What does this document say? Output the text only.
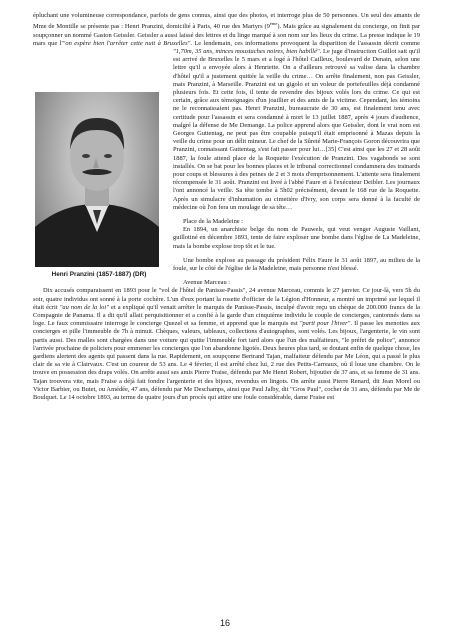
épluchant une volumineuse correspondance, parfois de gens connus, ainsi que des photos, et interroge plus de 50 personnes. Un seul des amants de Mme de Montille se présente pas : Henri Pranzini, domicilié à Paris, 40 rue des Martyrs (9ème). Mais grâce au signalement du concierge, on finit par soupçonner un nommé Gaston Geissler. Geissler a aussi laissé des lettres et du linge marqué à son nom sur les lieux du crime. La presse indique le 19 mars que l'"on espère bien l'arrêter cette nuit à Bruxelles". Le lendemain, ces informations provoquent la disparition de l'assassin décrit comme
Henri Pranzini (1857-1887) (DR)
"1,70m, 35 ans, minces moustaches noires, bien habillé". Le juge d'instruction Guillot sait qu'il est arrivé de Bruxelles le 5 mars et a logé à l'hôtel Cailleux, boulevard de Denain, selon une lettre qu'il a envoyée alors à Henriette. On a d'ailleurs retrouvé sa valise dans la chambre d'hôtel qu'il a justement quittée la veille du crime… On arrête finalement, non pas Geissler, mais Pranzini, à Marseille. Pranzini est un gigolo et un voleur de portefeuilles déjà condamné plusieurs fois. Et cette fois, il tente de revendre des bijoux volés lors du crime. Ce qui est certain, grâce aux témoignages d'un joaillier et des amis de la victime. Cependant, les témoins ne le reconnaissaient pas. Henri Pranzini, bureaucrate de 30 ans, est finalement tenu avec certitude pour l'assassin et sera condamné à mort le 13 juillet 1887, après 4 jours d'audience, malgré la défense de Me Demange. La police apprend alors que Geissler, dont le vrai nom est Georges Guttentag, ne peut pas être coupable puisqu'il était emprisonné à Mazas depuis la veille du crime pour un délit mineur. Le chef de la Sûreté Marie-François Goron découvrira que Pranzini, connaissant Guttentag, s'est fait passer pour lui…[35] C'est ainsi que les 27 et 28 août 1887, la foule attend place de la Roquette l'exécution de Pranzini. Des vagabonds se sont installés. On se bat pour les bonnes places et le tribunal correctionnel condamnera des trainards pour coups et blessures à des peines de 2 et 3 mois d'emprisonnement. L'attente sera finalement récompensée le 31 août. Pranzini est livré à l'abbé Faure et à l'exécuteur Deibler. Les journaux l'ont annoncé la veille. Sa tête tombe à 5h02 précisément, devant le 168 rue de la Roquette. Après un simulacre d'inhumation au cimetière d'Ivry, son corps sera donné à la faculté de médecine où l'on fera un moulage de sa tête…

Place de la Madeleine :

En 1894, un anarchiste belge du nom de Pauwels, qui veut venger Auguste Vaillant, guillotiné en décembre 1893, tente de faire exploser une bombe dans l'église de La Madeleine, mais la bombe explose trop tôt et le tue.

Une bombe explose au passage du président Félix Faure le 31 août 1897, au milieu de la foule, sur le côté de l'église de la Madeleine, mais personne n'est blessé.

Avenue Marceau :

Dix accusés comparaissent en 1893 pour le "vol de l'hôtel de Panisse-Passis", 24 avenue Marceau, commis le 27 janvier. Ce jour-là, vers 5h du soir, quatre individus ont sonné à la porte cochère. L'un d'eux portant la rosette d'officier de la Légion d'Honneur, a montré un imprimé sur lequel il était écrit "au nom de la loi" et a expliqué qu'il venait arrêter le marquis de Panisse-Passis, inculpé d'avoir reçu un chèque de 200.000 francs de la Compagnie de Panama. Il a dit qu'il allait perquisitionner et a confié à la garde d'un cinquième individu le couple de concierges, cantonnés dans sa loge. Le faux commissaire interroge le concierge Quezel et sa femme, et apprend que le marquis est "parti pour l'hiver". Il passe les menottes aux concierges et pille l'immeuble de 7h à minuit. Chèques, valeurs, tableaux, collections d'autographes, sont volés. Les bijoux, l'argenterie, le vin sont partis aussi. Des malles sont chargées dans une voiture qui quitte l'immeuble fort tard alors que l'un des malfaiteurs, "le préfet de police", annonce l'arrivée prochaine de policiers pour emmener les concierges que l'on abandonne ligotés. Deux heures plus tard, se doutant enfin de quelque chose, les gardiens alertent des agents qui passent dans la rue. Rapidement, on soupçonne Bertrand Tajan, malfaiteur défendu par Me Léon, qui a passé le plus clair de sa vie à Clairvaux. C'est un coureur de 53 ans. Le 4 février, il est arrêté chez lui, 2 rue des Petits-Carreaux, où il loue une chambre. On le trouve en possession des draps volés. On arrête aussi ses amis Pierre Fraise, défendu par Me Henri Robert, bijoutier de 37 ans, et sa femme de 31 ans. Tajan trouvera vite, mais Fraise a déjà fait fondre l'argenterie et des bijoux, revendus en lingots. On arrête aussi Pierre Renard, dit Jean Morel ou Victor Barbier, ou Butet, ou Amédée, 47 ans, défendu par Me Deschamps, ainsi que Paul Jalby, dit "Gros Paul", cocher de 31 ans, défendu par Me de Boulquet. Le 14 octobre 1893, au terme de quatre jours d'un procès qui attire une foule considérable, dame Fraise est

16
